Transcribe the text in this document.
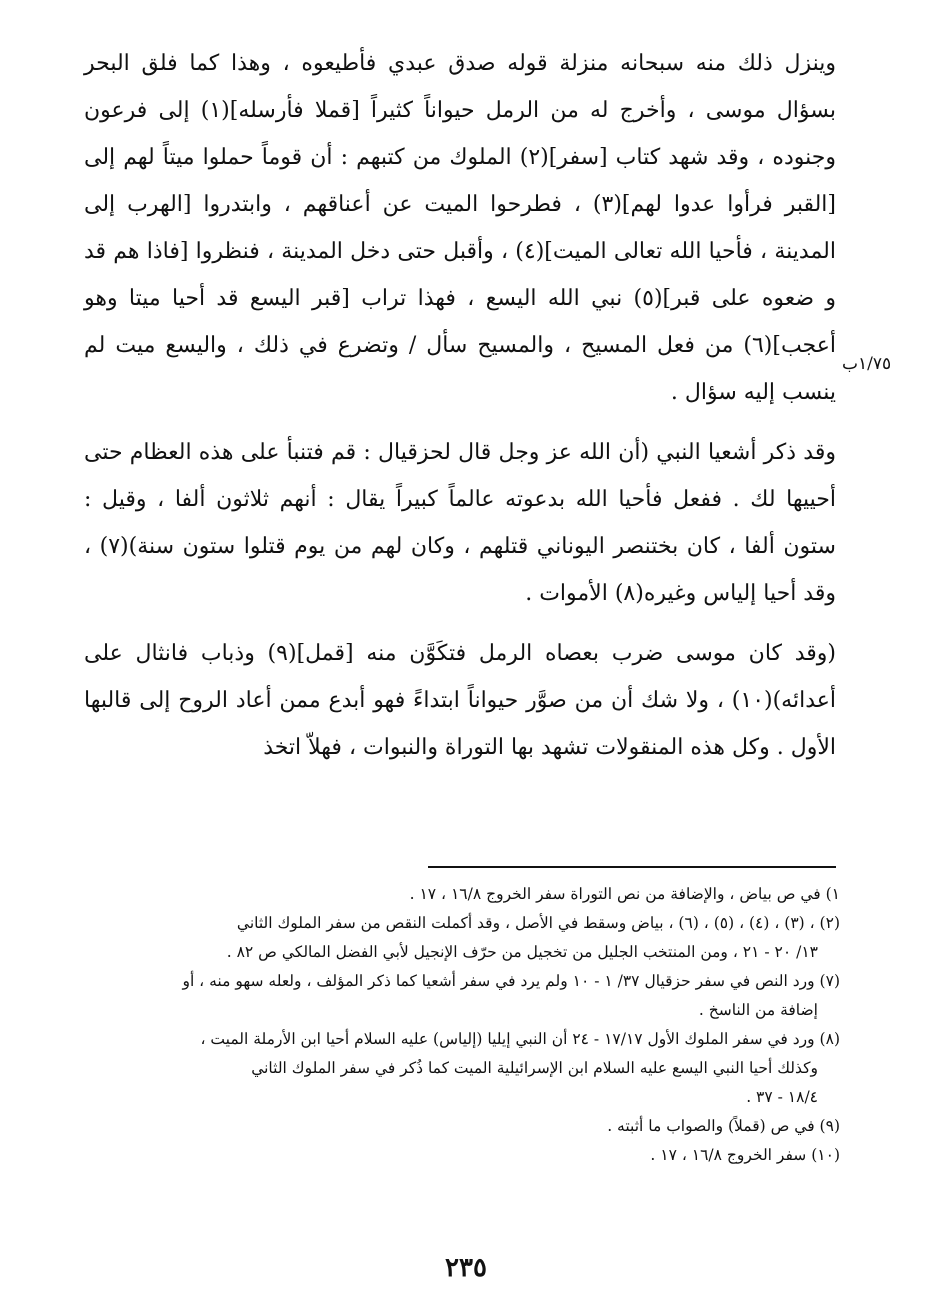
وينزل ذلك منه سبحانه منزلة قوله صدق عبدي فأطيعوه ، وهذا كما فلق البحر بسؤال موسى ، وأخرج له من الرمل حيواناً كثيراً [قملا فأرسله](١) إلى فرعون وجنوده ، وقد شهد كتاب [سفر](٢) الملوك من كتبهم : أن قوماً حملوا ميتاً لهم إلى [القبر فرأوا عدوا لهم](٣) ، فطرحوا الميت عن أعناقهم ، وابتدروا [الهرب إلى المدينة ، فأحيا الله تعالى الميت](٤) ، وأقبل حتى دخل المدينة ، فنظروا [فاذا هم قد و ضعوه على قبر](٥) نبي الله اليسع ، فهذا تراب [قبر اليسع قد أحيا ميتا وهو أعجب](٦) من فعل المسيح ، والمسيح سأل / وتضرع في ذلك ، واليسع ميت لم ينسب إليه سؤال .

وقد ذكر أشعيا النبي (أن الله عز وجل قال لحزقيال : قم فتنبأ على هذه العظام حتى أحييها لك . ففعل فأحيا الله بدعوته عالماً كبيراً يقال : أنهم ثلاثون ألفا ، وقيل : ستون ألفا ، كان بختنصر اليوناني قتلهم ، وكان لهم من يوم قتلوا ستون سنة)(٧) ، وقد أحيا إلياس وغيره(٨) الأموات .

(وقد كان موسى ضرب بعصاه الرمل فتكَوَّن منه [قمل](٩) وذباب فانثال على أعدائه)(١٠) ، ولا شك أن من صوَّر حيواناً ابتداءً فهو أبدع ممن أعاد الروح إلى قالبها الأول . وكل هذه المنقولات تشهد بها التوراة والنبوات ، فهلاّ اتخذ

١/٧٥ب

١) في ص بياض ، والإضافة من نص التوراة سفر الخروج ١٦/٨ ، ١٧ .

(٢) ، (٣) ، (٤) ، (٥) ، (٦) ، بياض وسقط في الأصل ، وقد أكملت النقص من سفر الملوك الثاني

١٣/ ٢٠ - ٢١ ، ومن المنتخب الجليل من تخجيل من حرّف الإنجيل لأبي الفضل المالكي ص ٨٢ .

(٧) ورد النص في سفر حزقيال ٣٧/ ١ - ١٠ ولم يرد في سفر أشعيا كما ذكر المؤلف ، ولعله سهو منه ، أو

إضافة من الناسخ .

(٨) ورد في سفر الملوك الأول ١٧/١٧ - ٢٤ أن النبي إيليا (إلياس) عليه السلام أحيا ابن الأرملة الميت ،

وكذلك أحيا النبي اليسع عليه السلام ابن الإسرائيلية الميت كما ذُكر في سفر الملوك الثاني

١٨/٤ - ٣٧ .

(٩) في ص (قملاً) والصواب ما أثبته .

(١٠) سفر الخروج ١٦/٨ ، ١٧ .

٢٣٥
